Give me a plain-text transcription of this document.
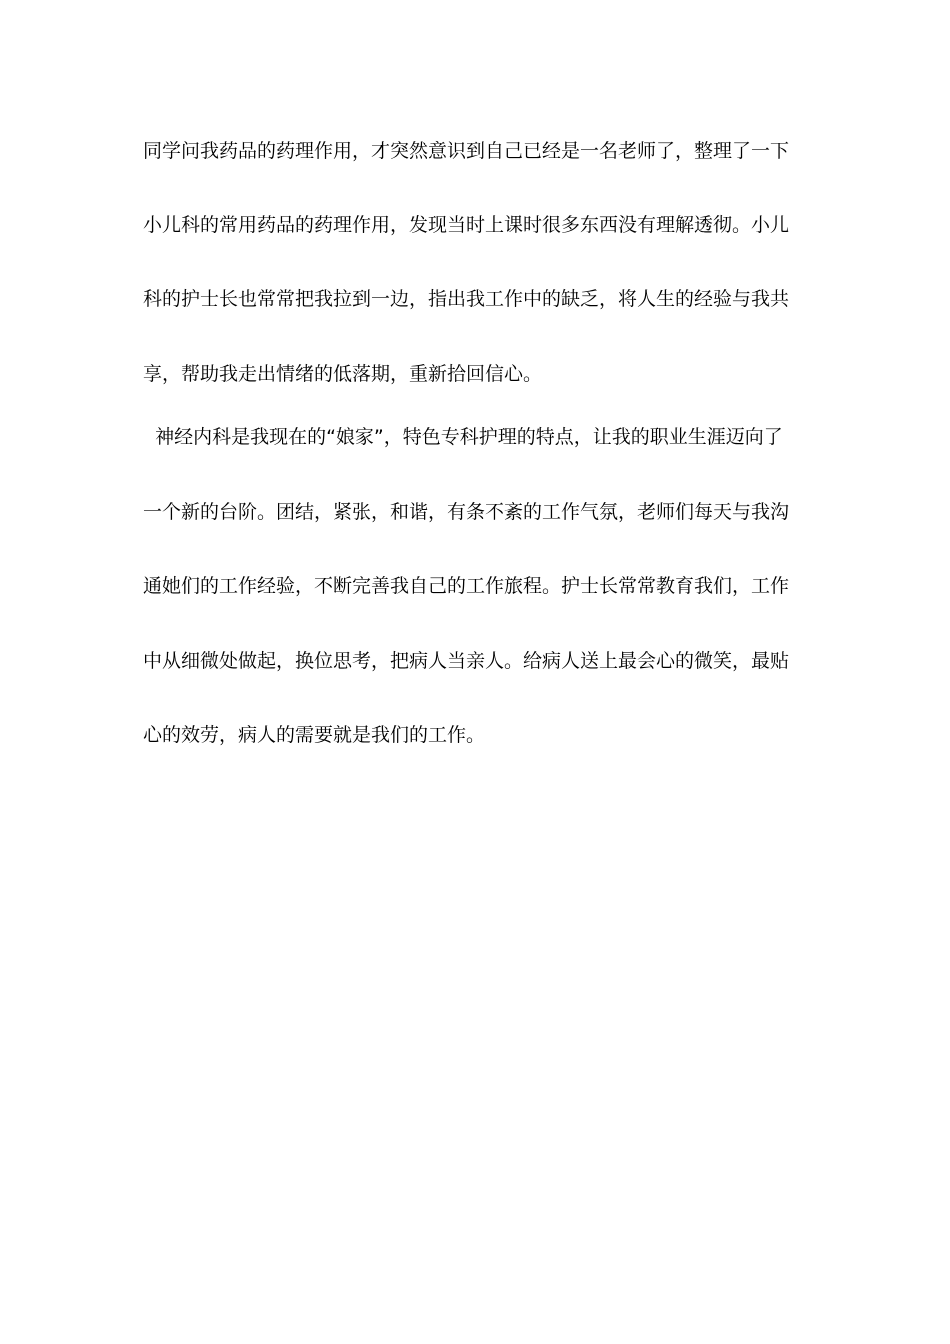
同学问我药品的药理作用，才突然意识到自己已经是一名老师了，整理了一下
小儿科的常用药品的药理作用，发现当时上课时很多东西没有理解透彻。小儿
科的护士长也常常把我拉到一边，指出我工作中的缺乏，将人生的经验与我共
享，帮助我走出情绪的低落期，重新拾回信心。
神经内科是我现在的“娘家”，特色专科护理的特点，让我的职业生涯迈向了
一个新的台阶。团结，紧张，和谐，有条不紊的工作气氛，老师们每天与我沟
通她们的工作经验，不断完善我自己的工作旅程。护士长常常教育我们，工作
中从细微处做起，换位思考，把病人当亲人。给病人送上最会心的微笑，最贴
心的效劳，病人的需要就是我们的工作。
